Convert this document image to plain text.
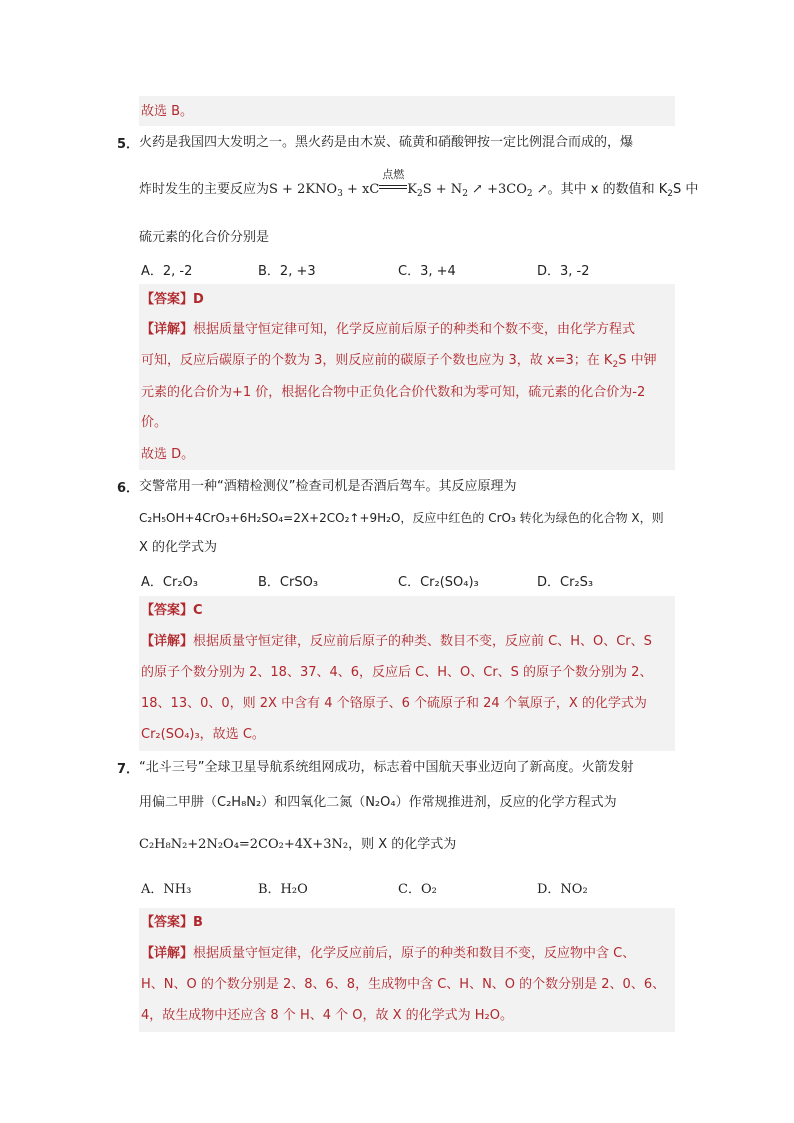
故选 B。
5． 火药是我国四大发明之一。黑火药是由木炭、硫黄和硝酸钾按一定比例混合而成的，爆
炸时发生的主要反应为$S + 2KNO_3$ + xC
点燃
$K_2S + N_2$ ↗ $+3CO_2$ ↗。其中 x 的数值和 $K_2S$ 中
硫元素的化合价分别是
A．2, -2	B．2, +3	C．3, +4	D．3, -2
【答案】D
【详解】根据质量守恒定律可知，化学反应前后原子的种类和个数不变，由化学方程式
可知，反应后碳原子的个数为 3，则反应前的碳原子个数也应为 3，故 x=3；在 $K_2S$ 中钾
元素的化合价为+1 价，根据化合物中正负化合价代数和为零可知，硫元素的化合价为-2
价。
故选 D。
6． 交警常用一种“酒精检测仪”检查司机是否酒后驾车。其反应原理为
C₂H₅OH+4CrO₃+6H₂SO₄=2X+2CO₂↑+9H₂O，反应中红色的 CrO₃ 转化为绿色的化合物 X，则
X 的化学式为
A．Cr₂O₃	B．CrSO₃	C．Cr₂(SO₄)₃	D．Cr₂S₃
【答案】C
【详解】根据质量守恒定律，反应前后原子的种类、数目不变，反应前 C、H、O、Cr、S
的原子个数分别为 2、18、37、4、6，反应后 C、H、O、Cr、S 的原子个数分别为 2、
18、13、0、0，则 2X 中含有 4 个铬原子、6 个硫原子和 24 个氧原子，X 的化学式为
Cr₂(SO₄)₃，故选 C。
7． “北斗三号”全球卫星导航系统组网成功，标志着中国航天事业迈向了新高度。火箭发射
用偏二甲肼（C₂H₈N₂）和四氧化二氮（N₂O₄）作常规推进剂，反应的化学方程式为
C₂H₈N₂+2N₂O₄=2CO₂+4X+3N₂，则 X 的化学式为
A．NH₃	B．H₂O	C．O₂	D．NO₂
【答案】B
【详解】根据质量守恒定律，化学反应前后，原子的种类和数目不变，反应物中含 C、
H、N、O 的个数分别是 2、8、6、8，生成物中含 C、H、N、O 的个数分别是 2、0、6、
4，故生成物中还应含 8 个 H、4 个 O，故 X 的化学式为 H₂O。
